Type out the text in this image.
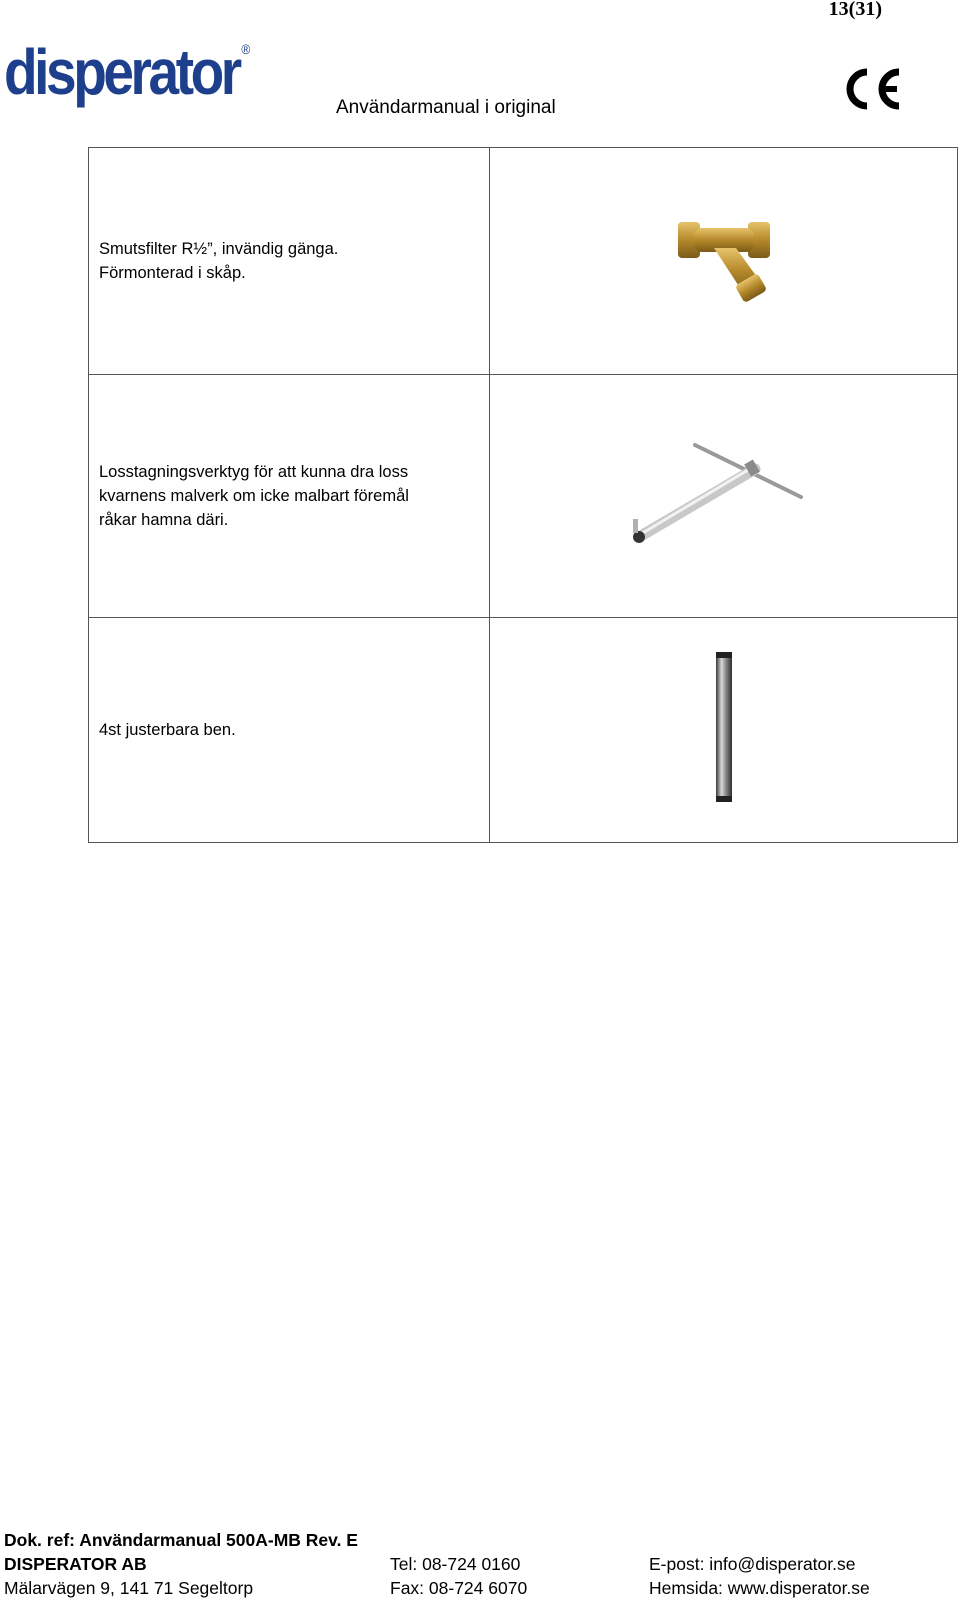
13(31)
disperator ®
Användarmanual i original
Smutsfilter R½”, invändig gänga.
Förmonterad i skåp.

Losstagningsverktyg för att kunna dra loss
kvarnens malverk om icke malbart föremål
råkar hamna däri.

4st justerbara ben.

Dok. ref: Användarmanual 500A-MB Rev. E
DISPERATOR AB	Tel: 08-724 0160	E-post: info@disperator.se
Mälarvägen 9, 141 71 Segeltorp	Fax: 08-724 6070	Hemsida: www.disperator.se
